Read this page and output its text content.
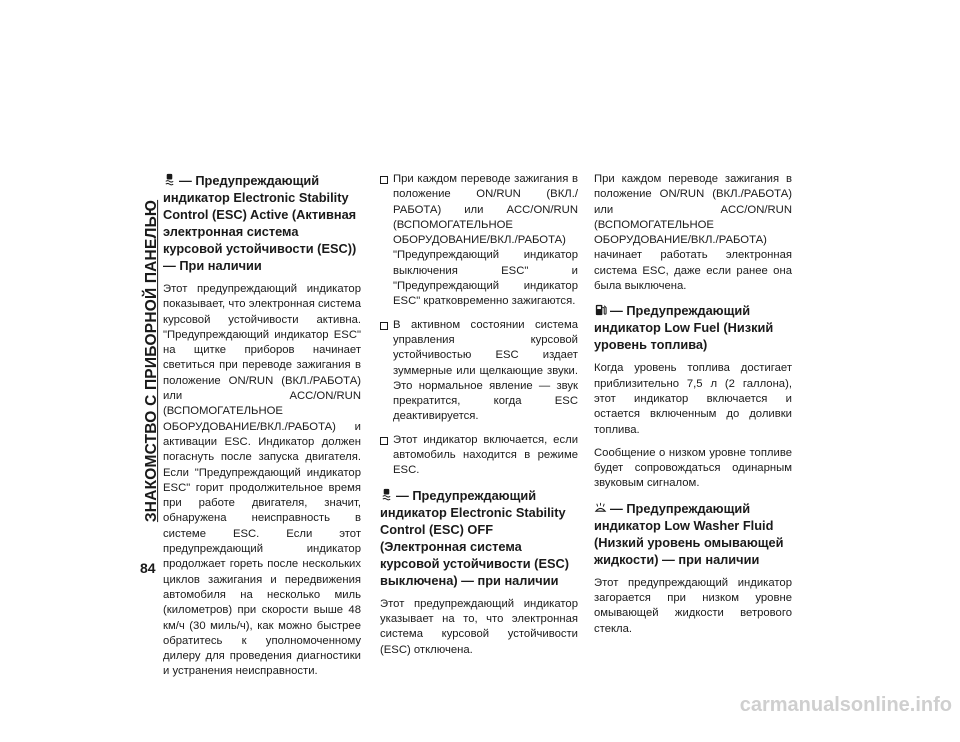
ЗНАКОМСТВО С ПРИБОРНОЙ ПАНЕЛЬЮ
84
— Предупреждающий индикатор Electronic Stability Control (ESC) Active (Активная электронная система курсовой устойчивости (ESC)) — При наличии

Этот предупреждающий индикатор показывает, что электронная система курсовой устойчивости активна. "Предупреждающий индикатор ESC" на щитке приборов начинает светиться при переводе зажигания в положение ON/RUN (ВКЛ./РАБОТА) или ACC/ON/RUN (ВСПОМОГАТЕЛЬНОЕ ОБОРУДОВАНИЕ/ВКЛ./РАБОТА) и активации ESC. Индикатор должен погаснуть после запуска двигателя. Если "Предупреждающий индикатор ESC" горит продолжительное время при работе двигателя, значит, обнаружена неисправность в системе ESC. Если этот предупреждающий индикатор продолжает гореть после нескольких циклов зажигания и передвижения автомобиля на несколько миль (километров) при скорости выше 48 км/ч (30 миль/ч), как можно быстрее обратитесь к уполномоченному дилеру для проведения диагностики и устранения неисправности.

При каждом переводе зажигания в положение ON/RUN (ВКЛ./РАБОТА) или ACC/ON/RUN (ВСПОМОГАТЕЛЬНОЕ ОБОРУДОВАНИЕ/ВКЛ./РАБОТА) "Предупреждающий индикатор выключения ESC" и "Предупреждающий индикатор ESC" кратковременно зажигаются.
В активном состоянии система управления курсовой устойчивостью ESC издает зуммерные или щелкающие звуки. Это нормальное явление — звук прекратится, когда ESC деактивируется.
Этот индикатор включается, если автомобиль находится в режиме ESC.
— Предупреждающий индикатор Electronic Stability Control (ESC) OFF (Электронная система курсовой устойчивости (ESC) выключена) — при наличии

Этот предупреждающий индикатор указывает на то, что электронная система курсовой устойчивости (ESC) отключена.

При каждом переводе зажигания в положение ON/RUN (ВКЛ./РАБОТА) или ACC/ON/RUN (ВСПОМОГАТЕЛЬНОЕ ОБОРУДОВАНИЕ/ВКЛ./РАБОТА) начинает работать электронная система ESC, даже если ранее она была выключена.

— Предупреждающий индикатор Low Fuel (Низкий уровень топлива)

Когда уровень топлива достигает приблизительно 7,5 л (2 галлона), этот индикатор включается и остается включенным до доливки топлива.

Сообщение о низком уровне топливе будет сопровождаться одинарным звуковым сигналом.

— Предупреждающий индикатор Low Washer Fluid (Низкий уровень омывающей жидкости) — при наличии

Этот предупреждающий индикатор загорается при низком уровне омывающей жидкости ветрового стекла.

carmanualsonline.info
